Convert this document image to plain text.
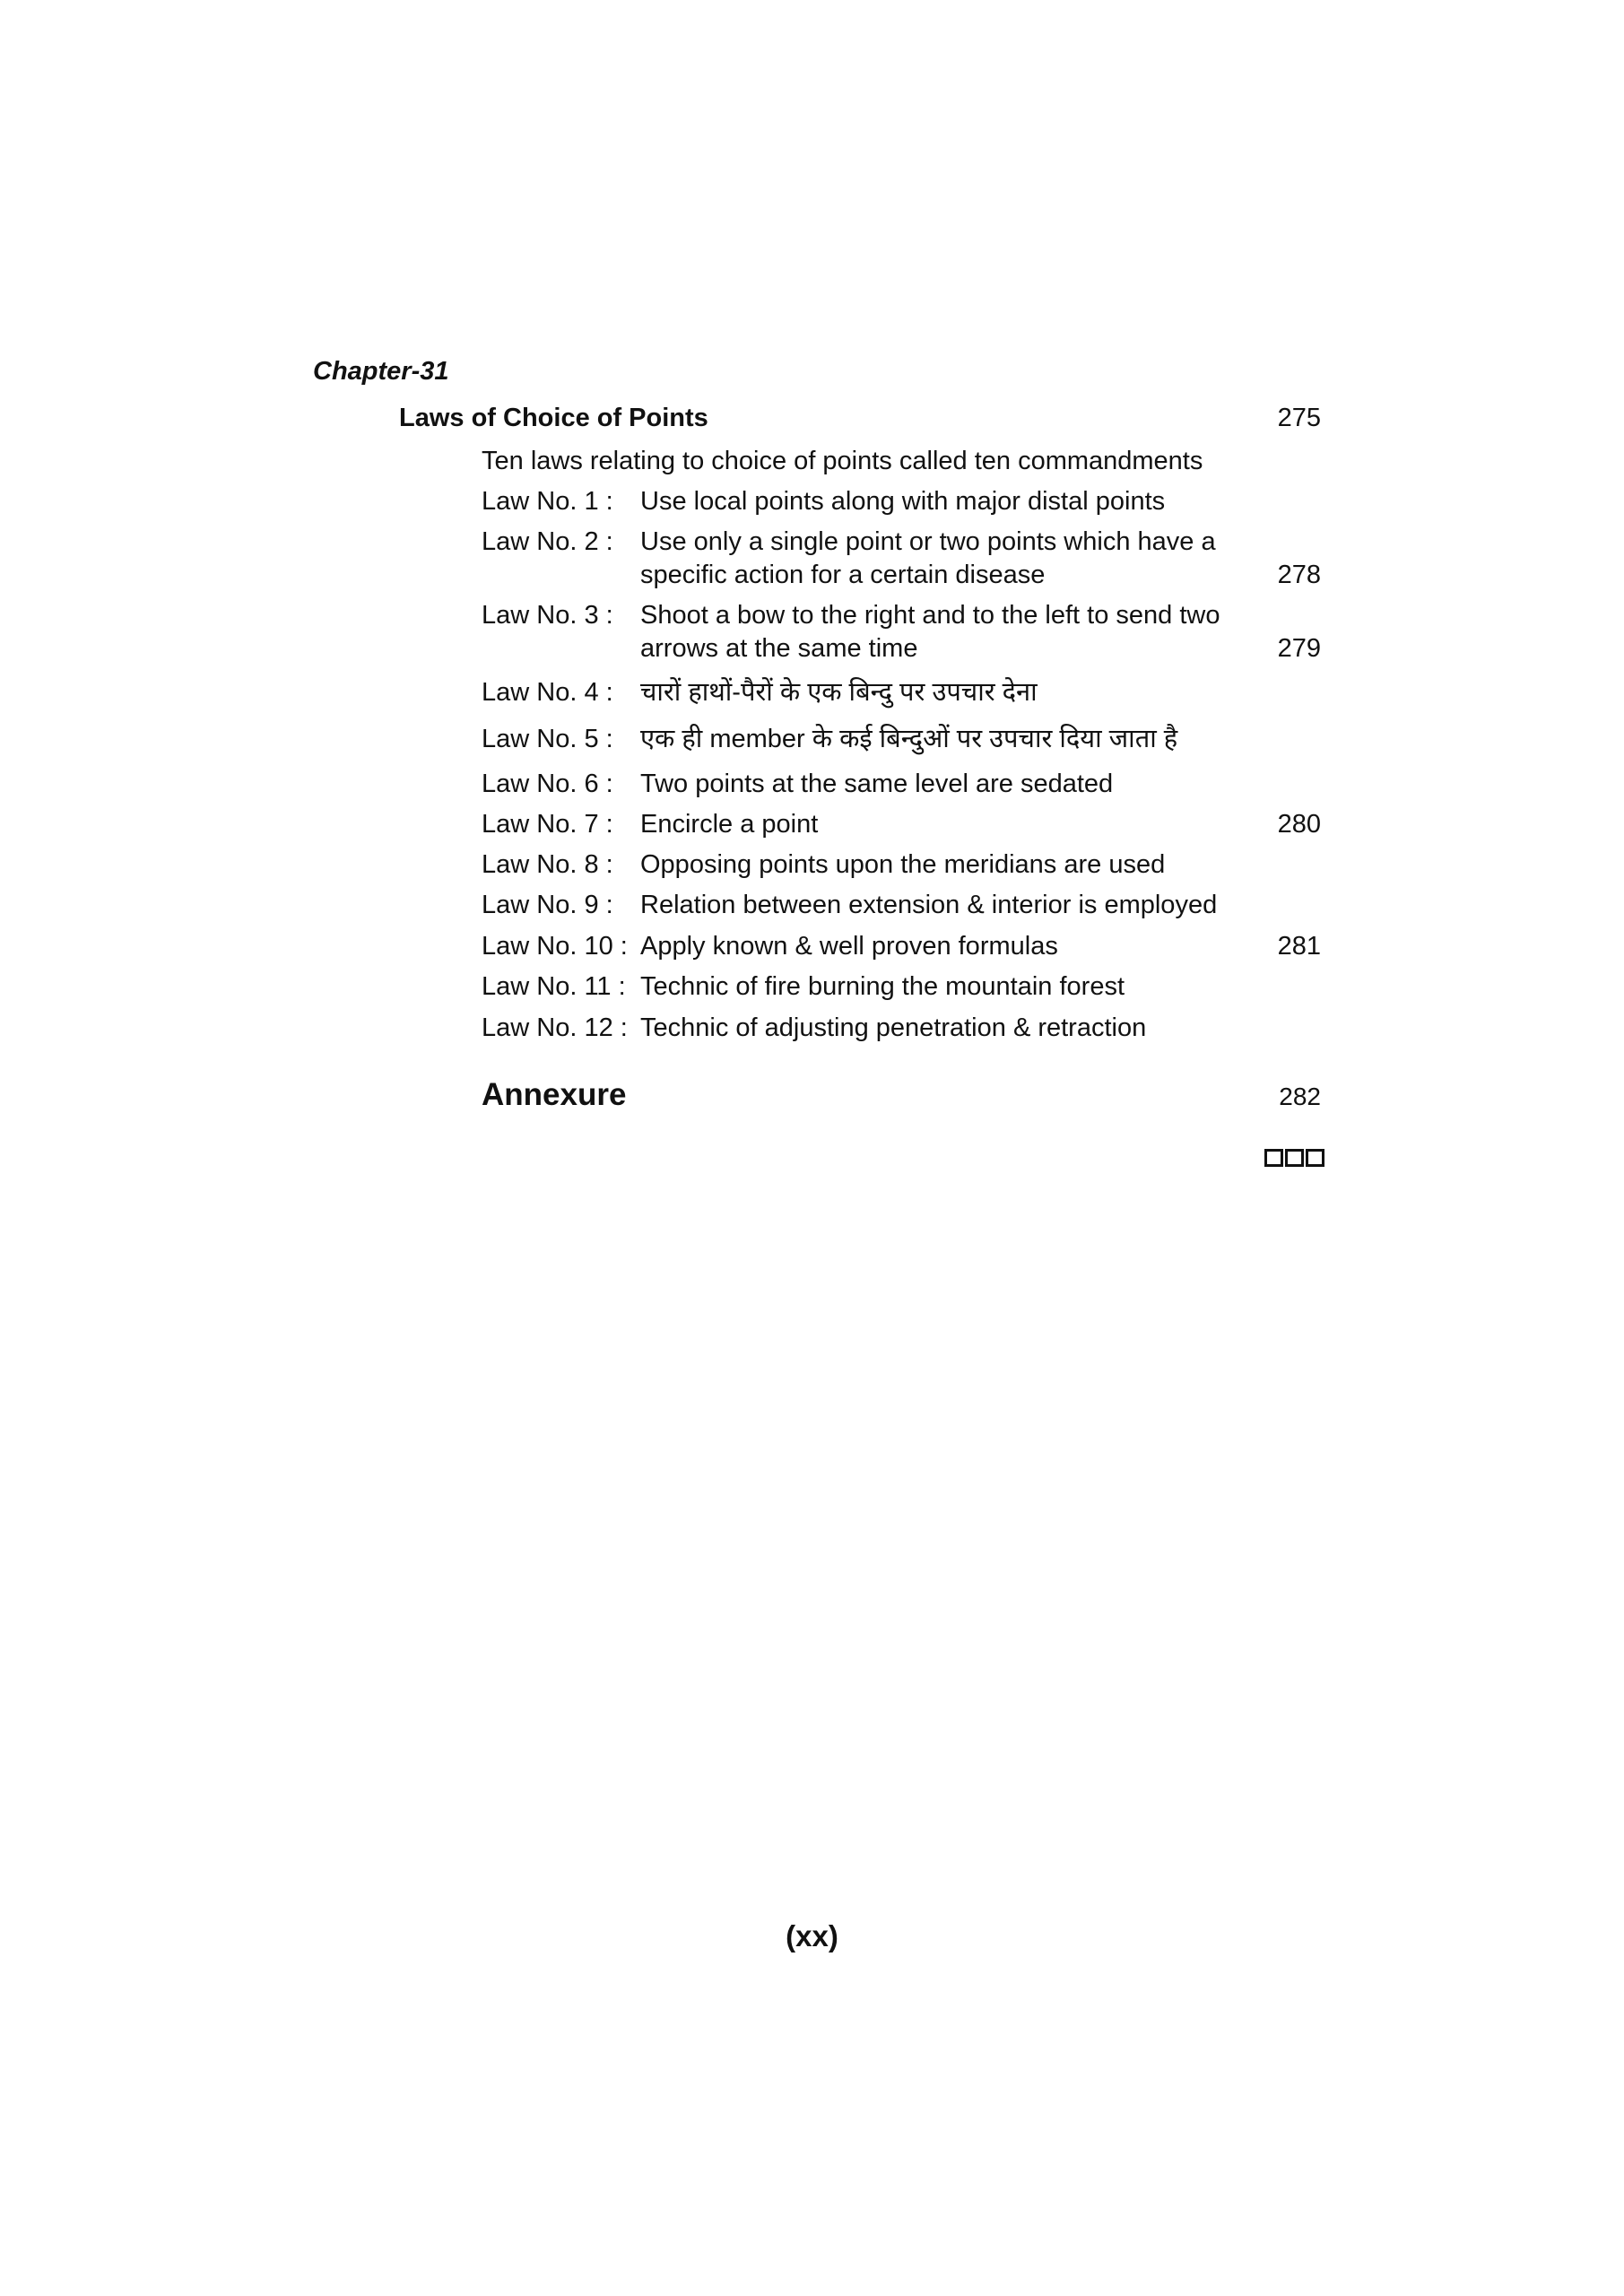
Chapter-31
Laws of Choice of Points	275
Ten laws relating to choice of points called ten commandments
Law No. 1 : Use local points along with major distal points
Law No. 2 : Use only a single point or two points which have a specific action for a certain disease	278
Law No. 3 : Shoot a bow to the right and to the left to send two arrows at the same time	279
Law No. 4 : चारों हाथों-पैरों के एक बिन्दु पर उपचार देना
Law No. 5 : एक ही member के कई बिन्दुओं पर उपचार दिया जाता है
Law No. 6 : Two points at the same level are sedated
Law No. 7 : Encircle a point	280
Law No. 8 : Opposing points upon the meridians are used
Law No. 9 : Relation between extension & interior is employed
Law No. 10 : Apply known & well proven formulas	281
Law No. 11 : Technic of fire burning the mountain forest
Law No. 12 : Technic of adjusting penetration & retraction
Annexure	282
(xx)
